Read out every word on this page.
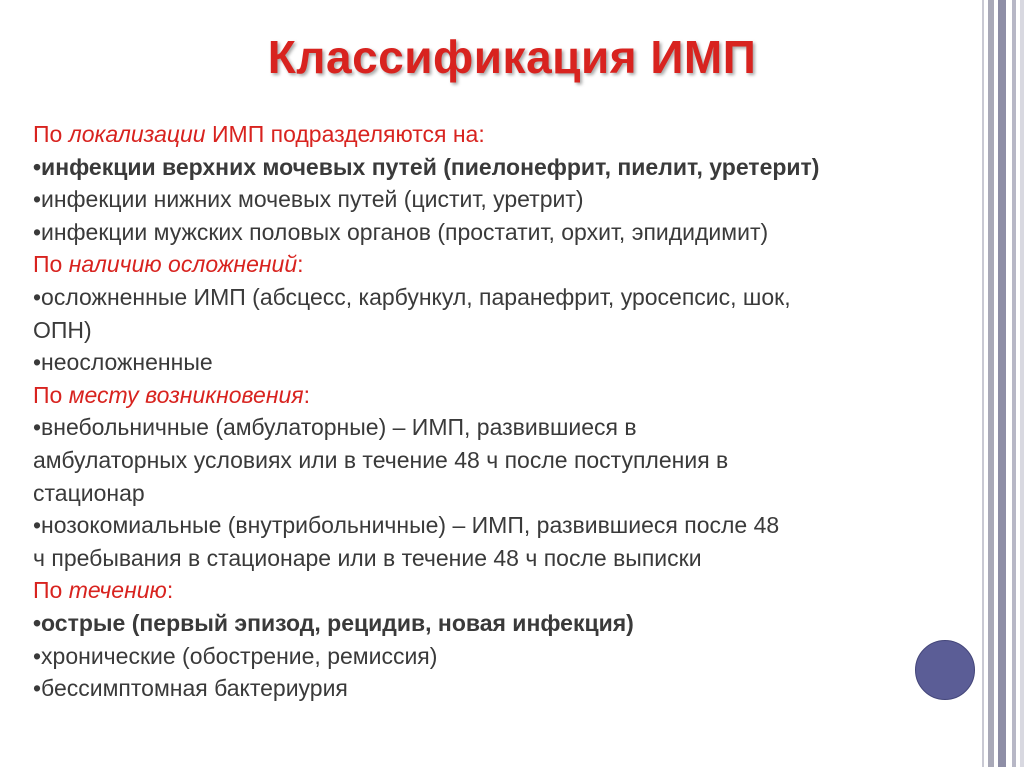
Классификация ИМП
По локализации ИМП подразделяются на:
•инфекции верхних мочевых путей (пиелонефрит, пиелит, уретерит)
•инфекции нижних мочевых путей (цистит, уретрит)
•инфекции мужских половых органов (простатит, орхит, эпидидимит)
По наличию осложнений:
•осложненные ИМП (абсцесс, карбункул, паранефрит, уросепсис, шок,
ОПН)
•неосложненные
По месту возникновения:
•внебольничные (амбулаторные) – ИМП, развившиеся в
амбулаторных условиях или в течение 48 ч после поступления в
стационар
•нозокомиальные (внутрибольничные) – ИМП, развившиеся после 48
ч пребывания в стационаре или в течение 48 ч после выписки
По течению:
•острые (первый эпизод, рецидив, новая инфекция)
•хронические (обострение, ремиссия)
•бессимптомная бактериурия
